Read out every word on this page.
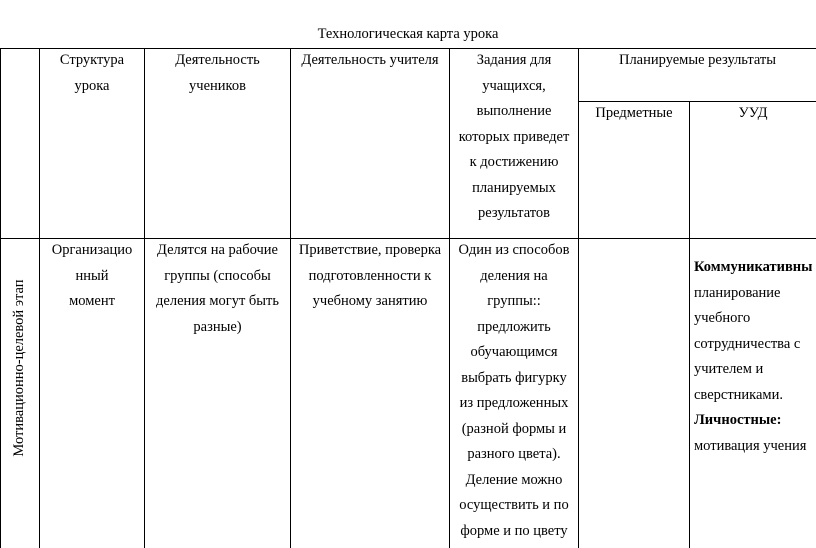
Технологическая карта урока
Структура
урока
Деятельность
учеников
Деятельность учителя	Задания для
учащихся,
выполнение
которых приведет
к достижению
планируемых
результатов
Планируемые результаты
Предметные	УУД
Мотивационно-целевой этап
Организацио
нный
момент
Делятся на рабочие
группы (способы
деления могут быть
разные)
Приветствие, проверка
подготовленности к
учебному занятию
Один из способов
деления на
группы::
предложить
обучающимся
выбрать фигурку
из предложенных
(разной формы и
разного цвета).
Деление можно
осуществить и по
форме и по цвету
Коммуникативны
планирование
учебного
сотрудничества с
учителем и
сверстниками.
Личностные:
мотивация учения
